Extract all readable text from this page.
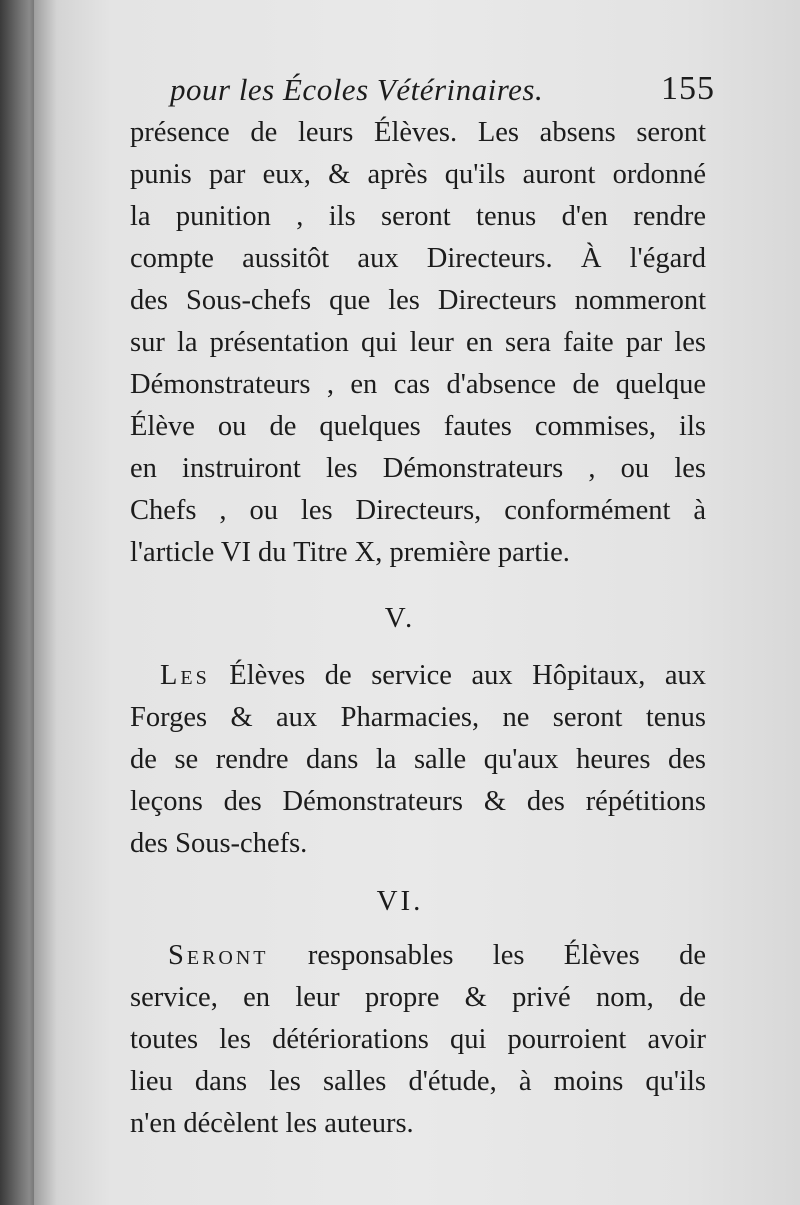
pour les Écoles Vétérinaires.	155
présence de leurs Élèves. Les absens seront
punis par eux, & après qu'ils auront ordonné
la punition , ils seront tenus d'en rendre
compte aussitôt aux Directeurs. À l'égard
des Sous-chefs que les Directeurs nommeront
sur la présentation qui leur en sera faite par les
Démonstrateurs , en cas d'absence de quelque
Élève ou de quelques fautes commises, ils
en instruiront les Démonstrateurs , ou les
Chefs , ou les Directeurs, conformément à
l'article VI du Titre X, première partie.
V.
Les Élèves de service aux Hôpitaux, aux
Forges & aux Pharmacies, ne seront tenus
de se rendre dans la salle qu'aux heures des
leçons des Démonstrateurs & des répétitions
des Sous-chefs.
VI.
Seront responsables les Élèves de
service, en leur propre & privé nom, de
toutes les détériorations qui pourroient avoir
lieu dans les salles d'étude, à moins qu'ils
n'en décèlent les auteurs.
